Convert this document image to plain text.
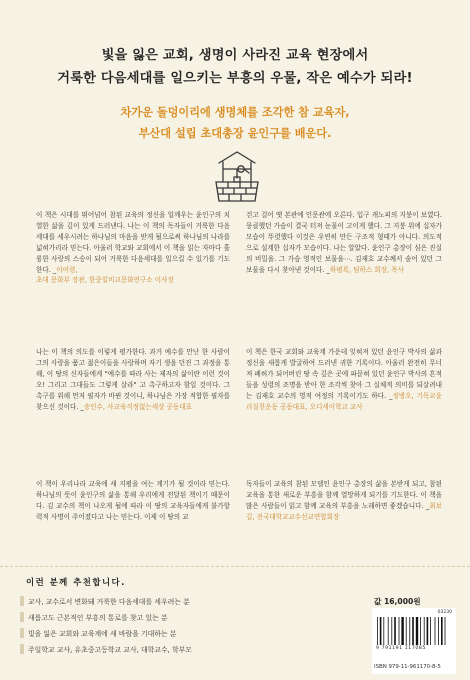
빛을 잃은 교회, 생명이 사라진 교육 현장에서
거룩한 다음세대를 일으키는 부흥의 우물, 작은 예수가 되라!
차가운 돌덩이리에 생명체를 조각한 참 교육자,
부산대 설립 초대총장 윤인구를 배운다.

이 책은 시대를 뛰어넘어 참된 교육의 정신을 일깨우는 윤인구의 치열한 삶을 깊이 있게 드러낸다. 나는 이 책의 독자들이 거룩한 다음세대를 세우시려는 하나님의 마음을 받게 될으로써 하나님의 나라를 넓혀가리라 믿는다. 아울러 학교와 교회에서 이 책을 읽는 자마다 훌륭한 사랑의 스승이 되어 거룩한 다음세대를 일으킬 수 있기를 기도한다. _이어령,
초대 문화부 장관, 한중일비교문화연구소 이사장

걷고 걸어 옛 본관에 인문관에 오른다. 입구 캐노피의 지붕이 보였다. 뭉클했던 가슴이 결국 터져 눈물이 고이게 했다. 그 지붕 위에 십자가 모습이 뚜렷했다 이것은 우연히 만든 구조적 형태가 아니다. 의도적으로 설계한 십자가 모습이다. 나는 알았다. 윤인구 총장이 심은 진실의 비밀을. 그 가슴 영적인 보물을⋯. 김재호 교수께서 숨어 있던 그 보물을 다시 찾아낸 것이다. _하평록, 팀하스 회장, 목사

나는 이 책의 의도를 이렇게 평가한다. 과거 예수를 만난 한 사람이 그의 사랑을 품고 젊은이들을 사랑하며 자기 생을 던진 그 과정을 통해, 이 땅의 신자들에게 "예수를 따라 사는 제자의 삶이란 이런 것이오! 그리고 그대들도 그렇게 살라" 고 촉구하고자 함일 것이다. 그 촉구를 위해 먼저 필자가 바뀐 것이니, 하나님은 가장 적합한 필자를 찾으신 것이다. _송인수, 사교육걱정없는세상 공동대표

이 책은 한국 교회와 교육계 가운데 잊혀져 있던 윤인구 박사의 삶과 정신을 새롭게 발굴하여 드러낸 귀한 기록이다. 아울러 완전히 무너져 폐허가 되어버린 땅 속 깊은 곳에 파묻혀 있던 윤인구 박사의 흔적들을 성령의 조명을 받아 한 조각씩 찾아 그 실체적 의미를 되살려내는 김재호 교수의 영적 여정의 기록이기도 하다. _정병오, 기독교윤리실천운동 공동대표, 오디세이학교 교사

이 책이 우리나라 교육에 새 지평을 여는 계기가 될 것이라 믿는다. 하나님의 뜻이 윤인구의 삶을 통해 우리에게 전달된 책이기 때문이다. 김 교수의 책이 나오게 될에 따라 이 땅의 교육자들에게 불가항력적 사명이 주어졌다고 나는 믿는다. 이제 이 땅의 교

독자들이 교육의 참된 모델인 윤인구 총장의 삶을 본받게 되고, 참된 교육을 통한 새로운 부흥을 함께 열망하게 되기를 기도한다. 이 책을 많은 사람들이 읽고 함께 교육의 부흥을 노래하면 좋겠습니다. _최보길, 전국대학교교수선교연합회장

이런 분께 추천합니다.
교사, 교수로서 변화돼 거룩한 다음세대를 세우려는 분
새롭고도 근본적인 부흥의 통로를 찾고 있는 분
빛을 잃은 교회와 교육계에 새 바람을 기대하는 분
주일학교 교사, 유초중고등학교 교사, 대학교수, 학부모
값 16,000원
03230
9 791191 117085
ISBN 979-11-961170-8-5
